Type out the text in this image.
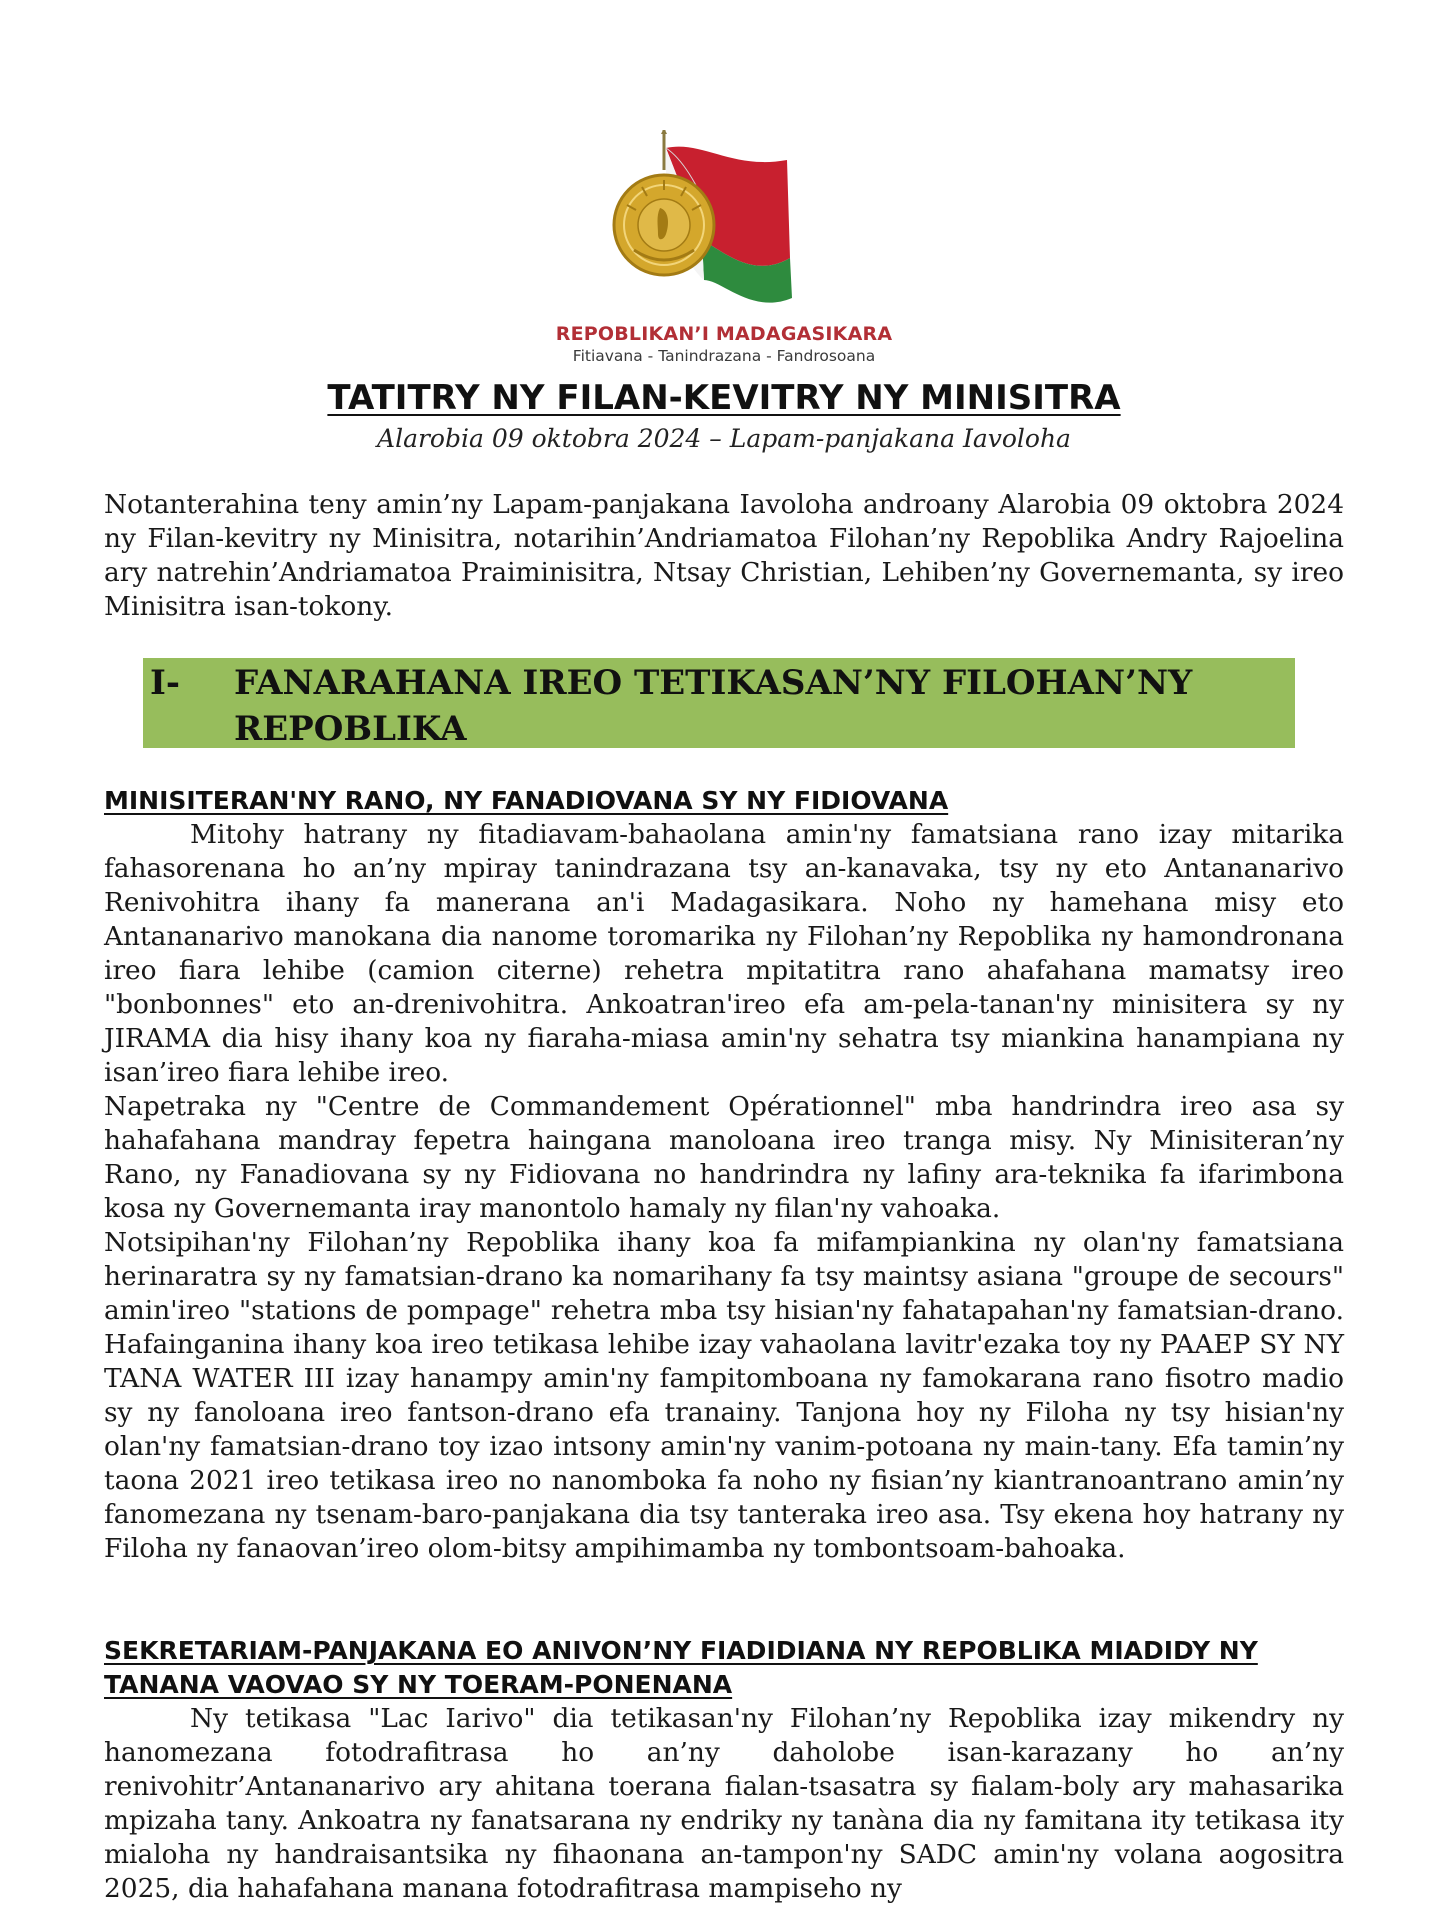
REPOBLIKAN’I MADAGASIKARA
Fitiavana - Tanindrazana - Fandrosoana
TATITRY NY FILAN-KEVITRY NY MINISITRA
Alarobia 09 oktobra 2024 – Lapam-panjakana Iavoloha
Notanterahina teny amin’ny Lapam-panjakana Iavoloha androany Alarobia 09 oktobra 2024 ny Filan-kevitry ny Minisitra, notarihin’Andriamatoa Filohan’ny Repoblika Andry Rajoelina ary natrehin’Andriamatoa Praiminisitra, Ntsay Christian, Lehiben’ny Governemanta, sy ireo Minisitra isan-tokony.
I- FANARAHANA IREO TETIKASAN’NY FILOHAN’NY REPOBLIKA
MINISITERAN'NY RANO, NY FANADIOVANA SY NY FIDIOVANA

Mitohy hatrany ny fitadiavam-bahaolana amin'ny famatsiana rano izay mitarika fahasorenana ho an’ny mpiray tanindrazana tsy an-kanavaka, tsy ny eto Antananarivo Renivohitra ihany fa manerana an'i Madagasikara. Noho ny hamehana misy eto Antananarivo manokana dia nanome toromarika ny Filohan’ny Repoblika ny hamondronana ireo fiara lehibe (camion citerne) rehetra mpitatitra rano ahafahana mamatsy ireo "bonbonnes" eto an-drenivohitra. Ankoatran'ireo efa am-pela-tanan'ny minisitera sy ny JIRAMA dia hisy ihany koa ny fiaraha-miasa amin'ny sehatra tsy miankina hanampiana ny isan’ireo fiara lehibe ireo.

Napetraka ny "Centre de Commandement Opérationnel" mba handrindra ireo asa sy hahafahana mandray fepetra haingana manoloana ireo tranga misy. Ny Minisiteran’ny Rano, ny Fanadiovana sy ny Fidiovana no handrindra ny lafiny ara-teknika fa ifarimbona kosa ny Governemanta iray manontolo hamaly ny filan'ny vahoaka.

Notsipihan'ny Filohan’ny Repoblika ihany koa fa mifampiankina ny olan'ny famatsiana herinaratra sy ny famatsian-drano ka nomarihany fa tsy maintsy asiana "groupe de secours" amin'ireo "stations de pompage" rehetra mba tsy hisian'ny fahatapahan'ny famatsian-drano. Hafainganina ihany koa ireo tetikasa lehibe izay vahaolana lavitr'ezaka toy ny PAAEP SY NY TANA WATER III izay hanampy amin'ny fampitomboana ny famokarana rano fisotro madio sy ny fanoloana ireo fantson-drano efa tranainy. Tanjona hoy ny Filoha ny tsy hisian'ny olan'ny famatsian-drano toy izao intsony amin'ny vanim-potoana ny main-tany. Efa tamin’ny taona 2021 ireo tetikasa ireo no nanomboka fa noho ny fisian’ny kiantranoantrano amin’ny fanomezana ny tsenam-baro-panjakana dia tsy tanteraka ireo asa. Tsy ekena hoy hatrany ny Filoha ny fanaovan’ireo olom-bitsy ampihimamba ny tombontsoam-bahoaka.

SEKRETARIAM-PANJAKANA EO ANIVON’NY FIADIDIANA NY REPOBLIKA MIADIDY NY TANANA VAOVAO SY NY TOERAM-PONENANA

Ny tetikasa "Lac Iarivo" dia tetikasan'ny Filohan’ny Repoblika izay mikendry ny hanomezana fotodrafitrasa ho an’ny daholobe isan-karazany ho an’ny renivohitr’Antananarivo ary ahitana toerana fialan-tsasatra sy fialam-boly ary mahasarika mpizaha tany. Ankoatra ny fanatsarana ny endriky ny tanàna dia ny famitana ity tetikasa ity mialoha ny handraisantsika ny fihaonana an-tampon'ny SADC amin'ny volana aogositra 2025, dia hahafahana manana fotodrafitrasa mampiseho ny
